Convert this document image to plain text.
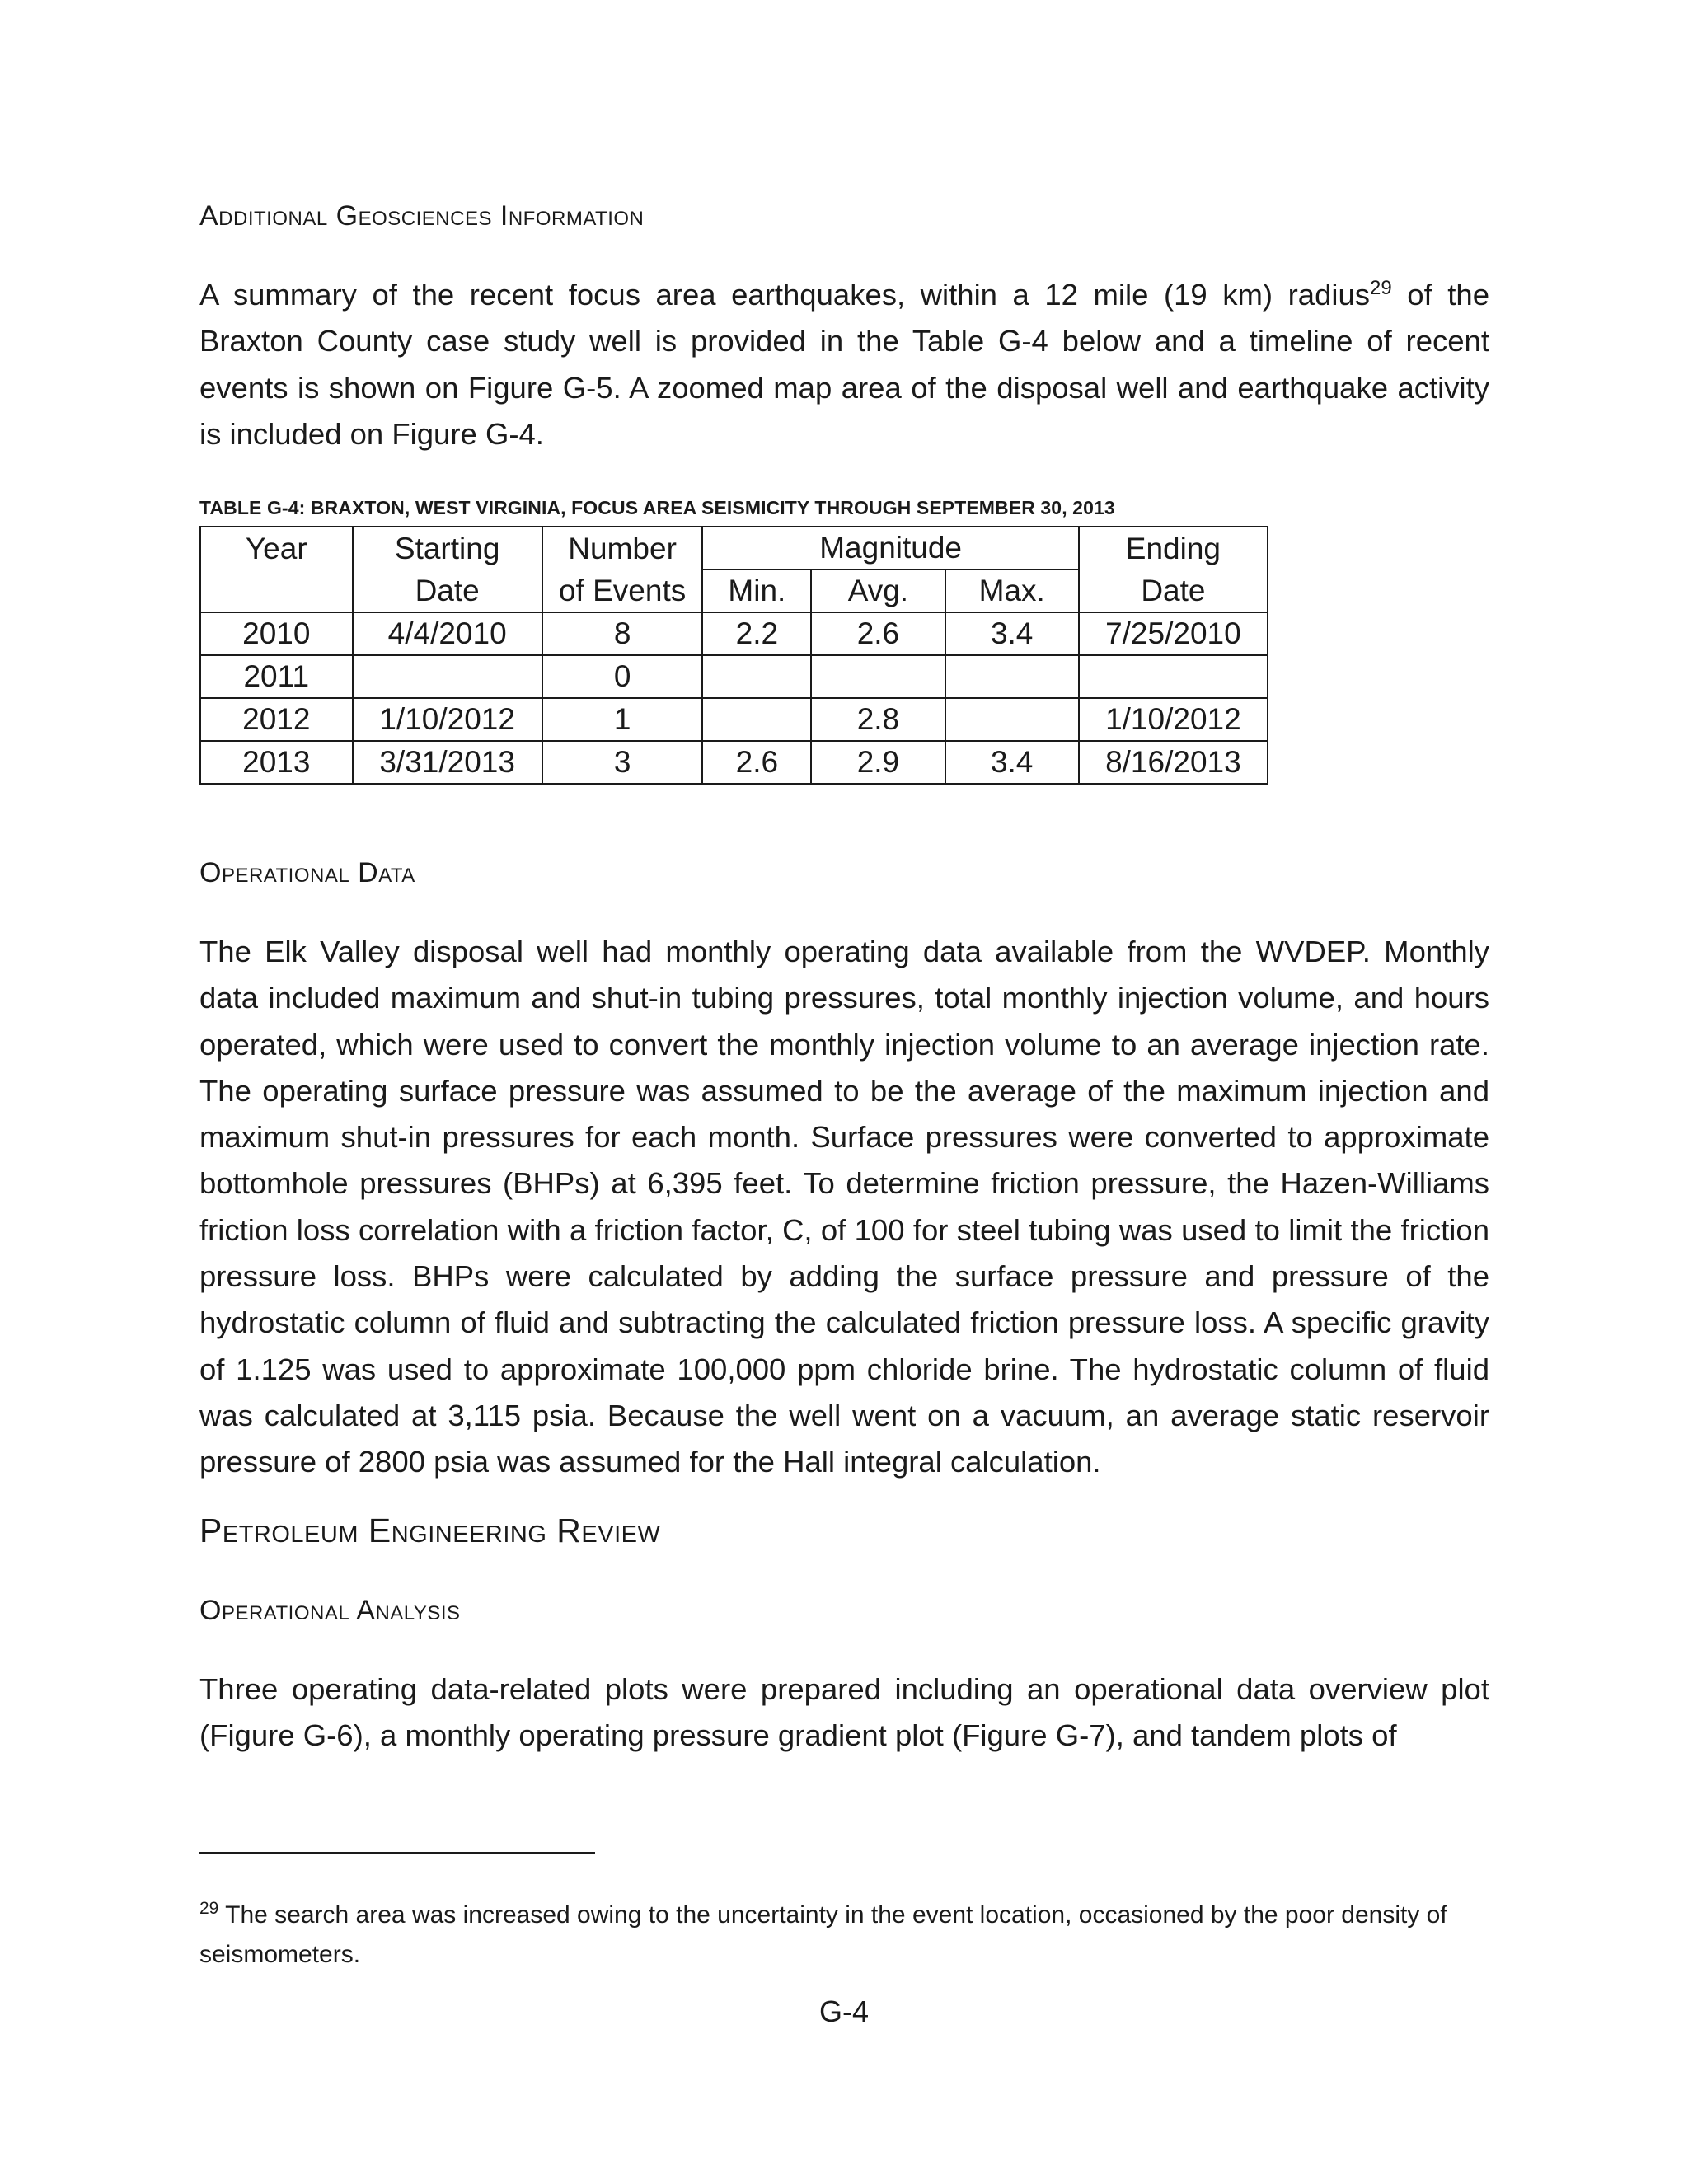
Additional Geosciences Information

A summary of the recent focus area earthquakes, within a 12 mile (19 km) radius$^{29}$ of the Braxton County case study well is provided in the Table G-4 below and a timeline of recent events is shown on Figure G-5. A zoomed map area of the disposal well and earthquake activity is included on Figure G-4.

TABLE G-4: BRAXTON, WEST VIRGINIA, FOCUS AREA SEISMICITY THROUGH SEPTEMBER 30, 2013

Year	Starting	Number	Magnitude			Ending
	Date	of Events	Min.	Avg.	Max.	Date
2010	4/4/2010	8	2.2	2.6	3.4	7/25/2010
2011		0				
2012	1/10/2012	1		2.8		1/10/2012
2013	3/31/2013	3	2.6	2.9	3.4	8/16/2013
Operational Data

The Elk Valley disposal well had monthly operating data available from the WVDEP. Monthly data included maximum and shut-in tubing pressures, total monthly injection volume, and hours operated, which were used to convert the monthly injection volume to an average injection rate. The operating surface pressure was assumed to be the average of the maximum injection and maximum shut-in pressures for each month. Surface pressures were converted to approximate bottomhole pressures (BHPs) at 6,395 feet. To determine friction pressure, the Hazen-Williams friction loss correlation with a friction factor, C, of 100 for steel tubing was used to limit the friction pressure loss. BHPs were calculated by adding the surface pressure and pressure of the hydrostatic column of fluid and subtracting the calculated friction pressure loss. A specific gravity of 1.125 was used to approximate 100,000 ppm chloride brine. The hydrostatic column of fluid was calculated at 3,115 psia. Because the well went on a vacuum, an average static reservoir pressure of 2800 psia was assumed for the Hall integral calculation.

Petroleum Engineering Review
Operational Analysis

Three operating data-related plots were prepared including an operational data overview plot (Figure G-6), a monthly operating pressure gradient plot (Figure G-7), and tandem plots of

$^{29}$ The search area was increased owing to the uncertainty in the event location, occasioned by the poor density of seismometers.

G-4
